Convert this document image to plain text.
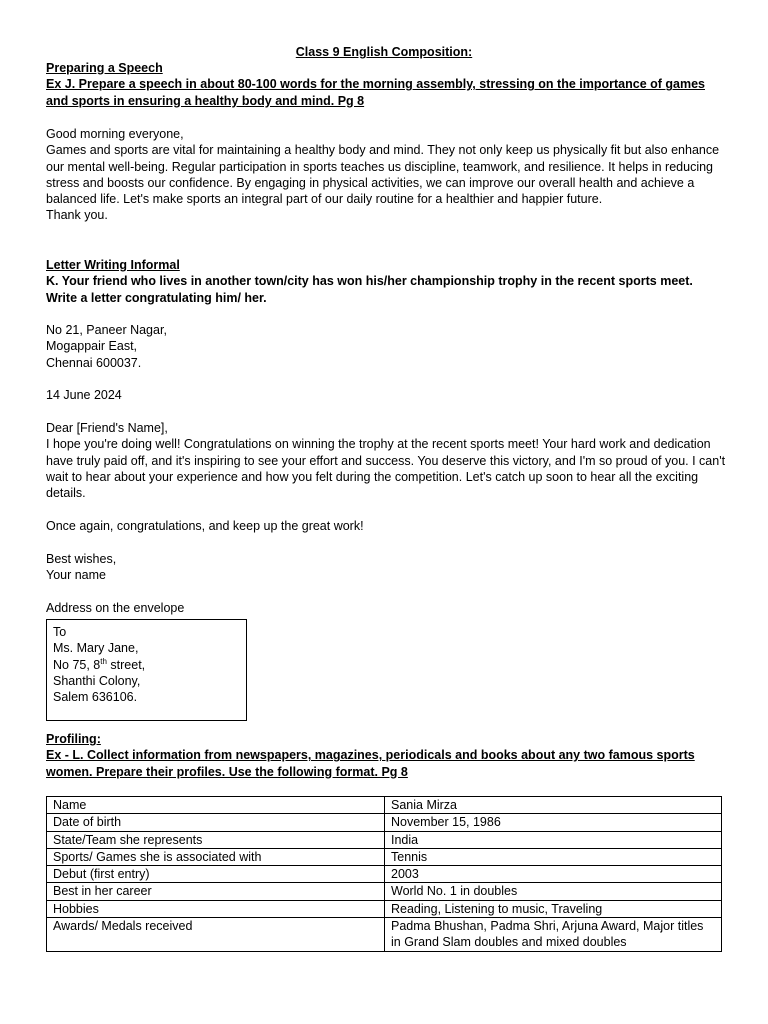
Class 9 English Composition:

Preparing a Speech

Ex J. Prepare a speech in about 80-100 words for the morning assembly, stressing on the importance of games and sports in ensuring a healthy body and mind. Pg 8

Good morning everyone,

Games and sports are vital for maintaining a healthy body and mind. They not only keep us physically fit but also enhance our mental well-being. Regular participation in sports teaches us discipline, teamwork, and resilience. It helps in reducing stress and boosts our confidence. By engaging in physical activities, we can improve our overall health and achieve a balanced life. Let's make sports an integral part of our daily routine for a healthier and happier future.

Thank you.

Letter Writing Informal

K. Your friend who lives in another town/city has won his/her championship trophy in the recent sports meet. Write a letter congratulating him/ her.

No 21, Paneer Nagar,

Mogappair East,

Chennai 600037.

14 June 2024

Dear [Friend's Name],

I hope you're doing well! Congratulations on winning the trophy at the recent sports meet! Your hard work and dedication have truly paid off, and it's inspiring to see your effort and success. You deserve this victory, and I'm so proud of you. I can't wait to hear about your experience and how you felt during the competition. Let's catch up soon to hear all the exciting details.

Once again, congratulations, and keep up the great work!

Best wishes,

Your name

Address on the envelope

To

Ms. Mary Jane,

No 75, 8th street,

Shanthi Colony,

Salem 636106.

Profiling:

Ex - L. Collect information from newspapers, magazines, periodicals and books about any two famous sports women. Prepare their profiles. Use the following format. Pg 8

Name	Sania Mirza
Date of birth	November 15, 1986
State/Team she represents	India
Sports/ Games she is associated with	Tennis
Debut (first entry)	2003
Best in her career	World No. 1 in doubles
Hobbies	Reading, Listening to music, Traveling
Awards/ Medals received	Padma Bhushan, Padma Shri, Arjuna Award, Major titles in Grand Slam doubles and mixed doubles
